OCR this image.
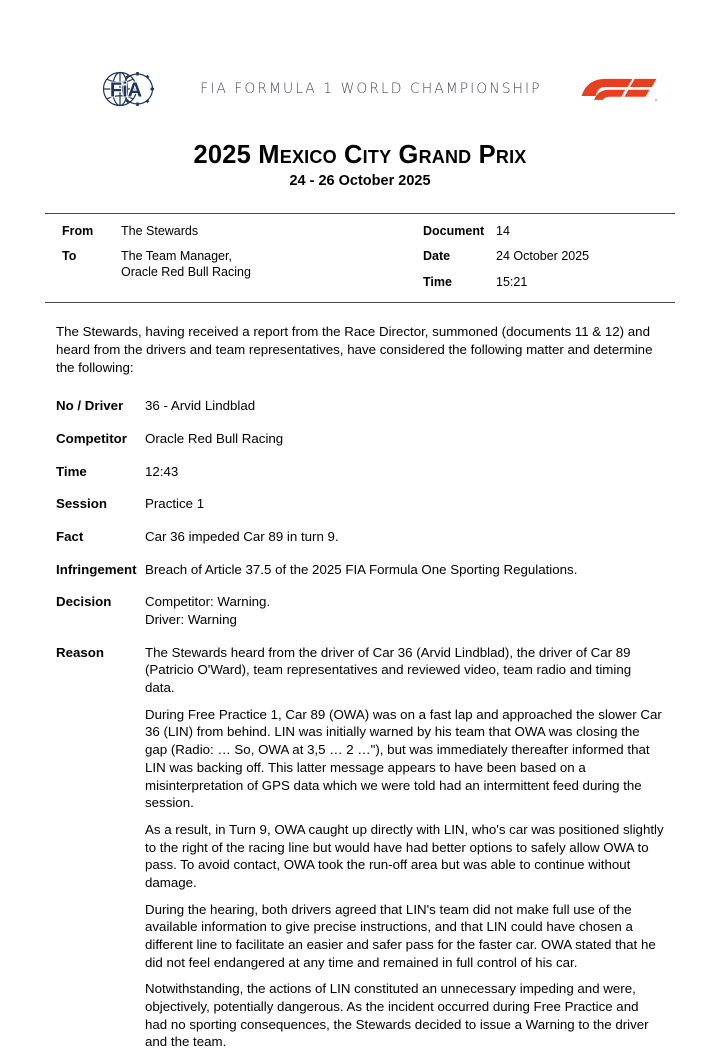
FiA	FIA FORMULA 1 WORLD CHAMPIONSHIP
®
2025 Mexico City Grand Prix
24 - 26 October 2025
From	The Stewards
To	The Team Manager,
Oracle Red Bull Racing
Document 14
Date	24 October 2025
Time	15:21
The Stewards, having received a report from the Race Director, summoned (documents 11 & 12) and heard from the drivers and team representatives, have considered the following matter and determine the following:
No / Driver	36 - Arvid Lindblad
Competitor	Oracle Red Bull Racing
Time	12:43
Session	Practice 1
Fact	Car 36 impeded Car 89 in turn 9.
Infringement Breach of Article 37.5 of the 2025 FIA Formula One Sporting Regulations.
Decision	Competitor: Warning.
Driver: Warning
Reason	The Stewards heard from the driver of Car 36 (Arvid Lindblad), the driver of Car 89 (Patricio O'Ward), team representatives and reviewed video, team radio and timing data.

During Free Practice 1, Car 89 (OWA) was on a fast lap and approached the slower Car 36 (LIN) from behind. LIN was initially warned by his team that OWA was closing the gap (Radio: … So, OWA at 3,5 … 2 …"), but was immediately thereafter informed that LIN was backing off. This latter message appears to have been based on a misinterpretation of GPS data which we were told had an intermittent feed during the session.

As a result, in Turn 9, OWA caught up directly with LIN, who's car was positioned slightly to the right of the racing line but would have had better options to safely allow OWA to pass. To avoid contact, OWA took the run-off area but was able to continue without damage.

During the hearing, both drivers agreed that LIN's team did not make full use of the available information to give precise instructions, and that LIN could have chosen a different line to facilitate an easier and safer pass for the faster car. OWA stated that he did not feel endangered at any time and remained in full control of his car.

Notwithstanding, the actions of LIN constituted an unnecessary impeding and were, objectively, potentially dangerous. As the incident occurred during Free Practice and had no sporting consequences, the Stewards decided to issue a Warning to the driver and the team.
